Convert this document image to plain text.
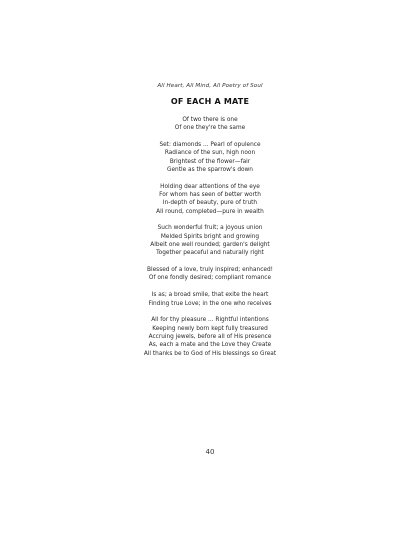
All Heart, All Mind, All Poetry of Soul
OF EACH A MATE
Of two there is one
Of one they're the same
Set: diamonds ... Pearl of opulence
Radiance of the sun, high noon
Brightest of the flower—fair
Gentle as the sparrow's down
Holding dear attentions of the eye
For whom has seen of better worth
In-depth of beauty, pure of truth
All round, completed—pure in wealth
Such wonderful fruit; a joyous union
Melded Spirits bright and growing
Albeit one well rounded; garden's delight
Together peaceful and naturally right
Blessed of a love, truly inspired; enhanced!
Of one fondly desired; compliant romance
Is as; a broad smile, that exite the heart
Finding true Love; in the one who receives
All for thy pleasure ... Rightful intentions
Keeping newly born kept fully treasured
Accruing jewels, before all of His presence
As, each a mate and the Love they Create
All thanks be to God of His blessings so Great
40
